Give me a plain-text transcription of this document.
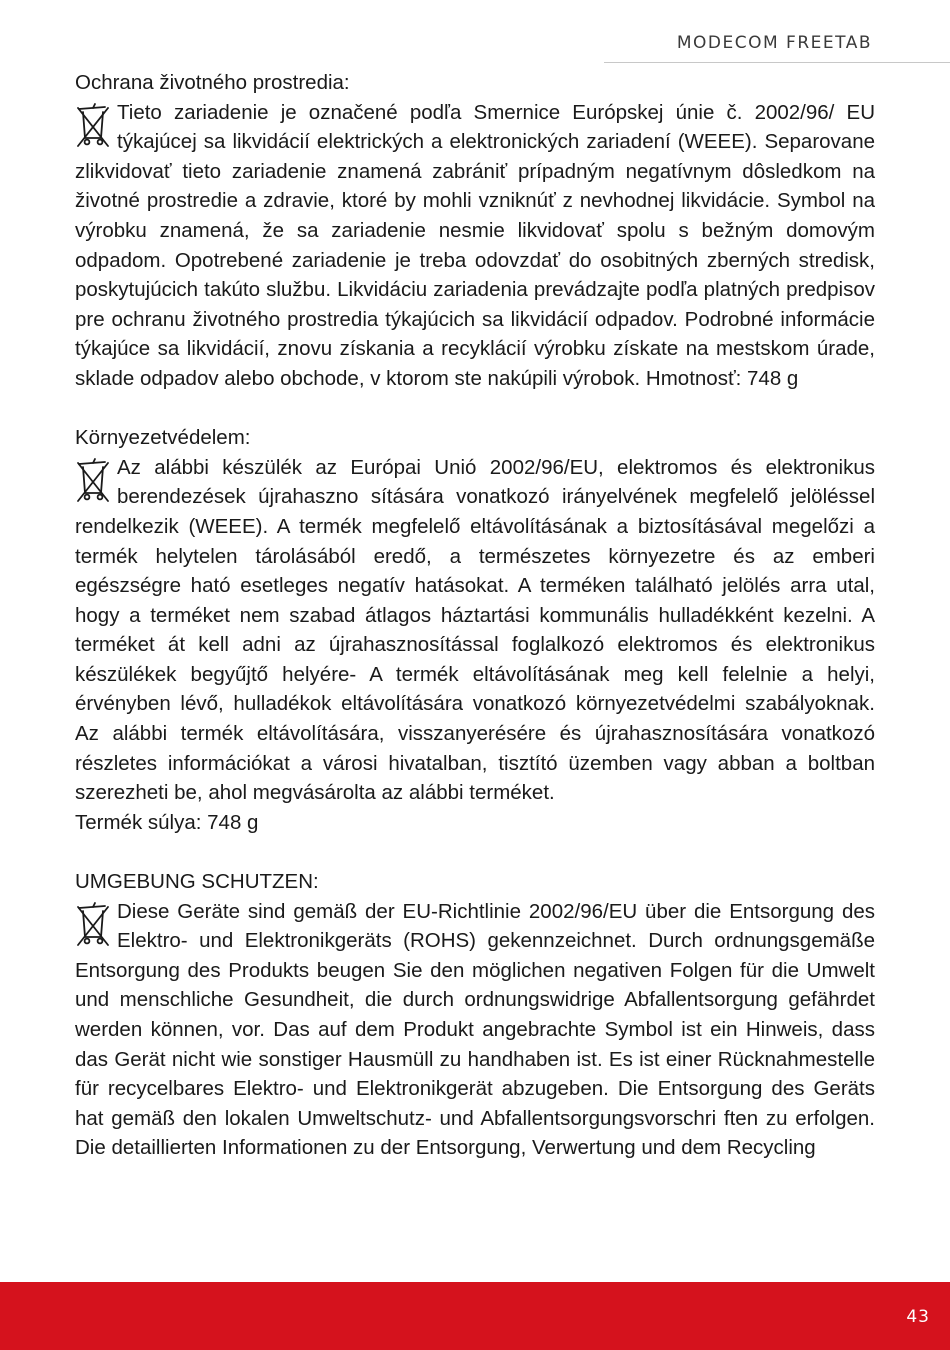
MODECOM FREETAB

Ochrana životného prostredia:

Tieto zariadenie je označené podľa Smernice Európskej únie č. 2002/96/ EU týkajúcej sa likvidácií elektrických a elektronických zariadení (WEEE). Separovane zlikvidovať tieto zariadenie znamená zabrániť prípadným negatívnym dôsledkom na životné prostredie a zdravie, ktoré by mohli vzniknúť z nevhodnej likvidácie. Symbol na výrobku znamená, že sa zariadenie nesmie likvidovať spolu s bežným domovým odpadom. Opotrebené zariadenie je treba odovzdať do osobitných zberných stredisk, poskytujúcich takúto službu. Likvidáciu zariadenia prevádzajte podľa platných predpisov pre ochranu životného prostredia týkajúcich sa likvidácií odpadov. Podrobné informácie týkajúce sa likvidácií, znovu získania a recyklácií výrobku získate na mestskom úrade, sklade odpadov alebo obchode, v ktorom ste nakúpili výrobok. Hmotnosť: 748 g

Környezetvédelem:

Az alábbi készülék az Európai Unió 2002/96/EU, elektromos és elektronikus berendezések újrahaszno sítására vonatkozó irányelvének megfelelő jelöléssel rendelkezik (WEEE). A termék megfelelő eltávolításának a biztosításával megelőzi a termék helytelen tárolásából eredő, a természetes környezetre és az emberi egészségre ható esetleges negatív hatásokat. A terméken található jelölés arra utal, hogy a terméket nem szabad átlagos háztartási kommunális hulladékként kezelni. A terméket át kell adni az újrahasznosítással foglalkozó elektromos és elektronikus készülékek begyűjtő helyére- A termék eltávolításának meg kell felelnie a helyi, érvényben lévő, hulladékok eltávolítására vonatkozó környezetvédelmi szabályoknak. Az alábbi termék eltávolítására, visszanyerésére és újrahasznosítására vonatkozó részletes információkat a városi hivatalban, tisztító üzemben vagy abban a boltban szerezheti be, ahol megvásárolta az alábbi terméket.

Termék súlya: 748 g

UMGEBUNG SCHUTZEN:

Diese Geräte sind gemäß der EU-Richtlinie 2002/96/EU über die Entsorgung des Elektro- und Elektronikgeräts (ROHS) gekennzeichnet. Durch ordnungsgemäße Entsorgung des Produkts beugen Sie den möglichen negativen Folgen für die Umwelt und menschliche Gesundheit, die durch ordnungswidrige Abfallentsorgung gefährdet werden können, vor. Das auf dem Produkt angebrachte Symbol ist ein Hinweis, dass das Gerät nicht wie sonstiger Hausmüll zu handhaben ist. Es ist einer Rücknahmestelle für recycelbares Elektro- und Elektronikgerät abzugeben. Die Entsorgung des Geräts hat gemäß den lokalen Umweltschutz- und Abfallentsorgungsvorschri ften zu erfolgen. Die detaillierten Informationen zu der Entsorgung, Verwertung und dem Recycling

43
